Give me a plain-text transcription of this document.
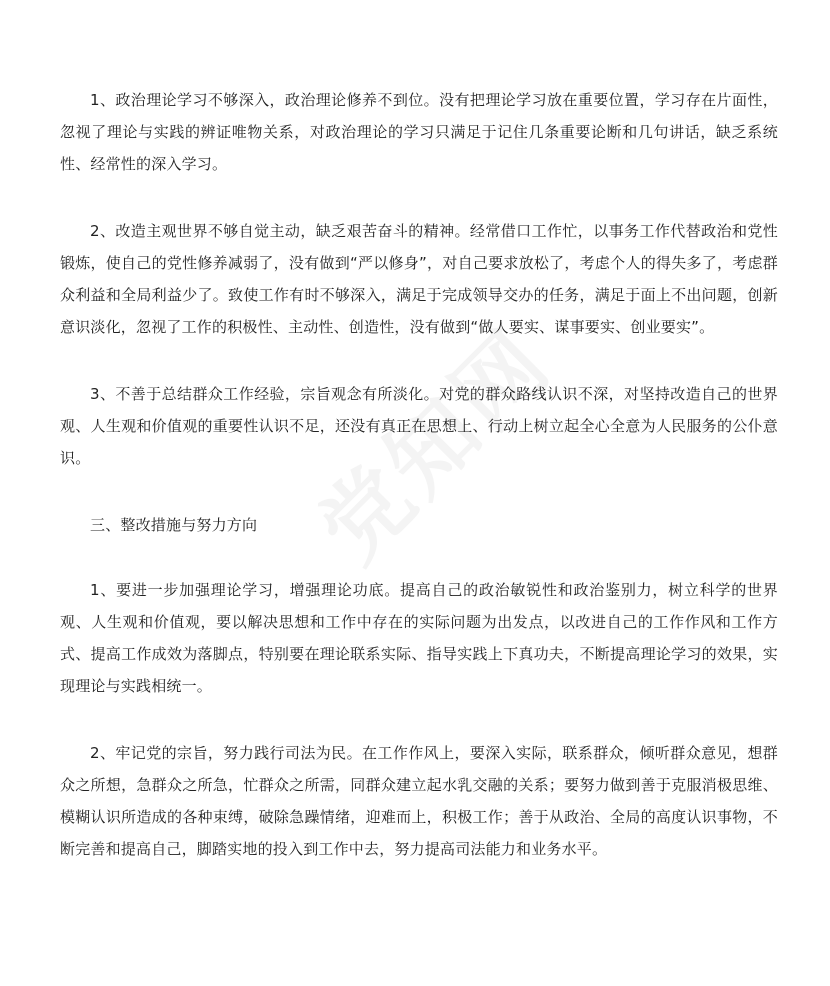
1、政治理论学习不够深入，政治理论修养不到位。没有把理论学习放在重要位置，学习存在片面性，忽视了理论与实践的辨证唯物关系，对政治理论的学习只满足于记住几条重要论断和几句讲话，缺乏系统性、经常性的深入学习。

2、改造主观世界不够自觉主动，缺乏艰苦奋斗的精神。经常借口工作忙，以事务工作代替政治和党性锻炼，使自己的党性修养减弱了，没有做到“严以修身”，对自己要求放松了，考虑个人的得失多了，考虑群众利益和全局利益少了。致使工作有时不够深入，满足于完成领导交办的任务，满足于面上不出问题，创新意识淡化，忽视了工作的积极性、主动性、创造性，没有做到“做人要实、谋事要实、创业要实”。

3、不善于总结群众工作经验，宗旨观念有所淡化。对党的群众路线认识不深，对坚持改造自己的世界观、人生观和价值观的重要性认识不足，还没有真正在思想上、行动上树立起全心全意为人民服务的公仆意识。

三、整改措施与努力方向

1、要进一步加强理论学习，增强理论功底。提高自己的政治敏锐性和政治鉴别力，树立科学的世界观、人生观和价值观，要以解决思想和工作中存在的实际问题为出发点，以改进自己的工作作风和工作方式、提高工作成效为落脚点，特别要在理论联系实际、指导实践上下真功夫，不断提高理论学习的效果，实现理论与实践相统一。

2、牢记党的宗旨，努力践行司法为民。在工作作风上，要深入实际，联系群众，倾听群众意见，想群众之所想，急群众之所急，忙群众之所需，同群众建立起水乳交融的关系；要努力做到善于克服消极思维、模糊认识所造成的各种束缚，破除急躁情绪，迎难而上，积极工作；善于从政治、全局的高度认识事物，不断完善和提高自己，脚踏实地的投入到工作中去，努力提高司法能力和业务水平。
